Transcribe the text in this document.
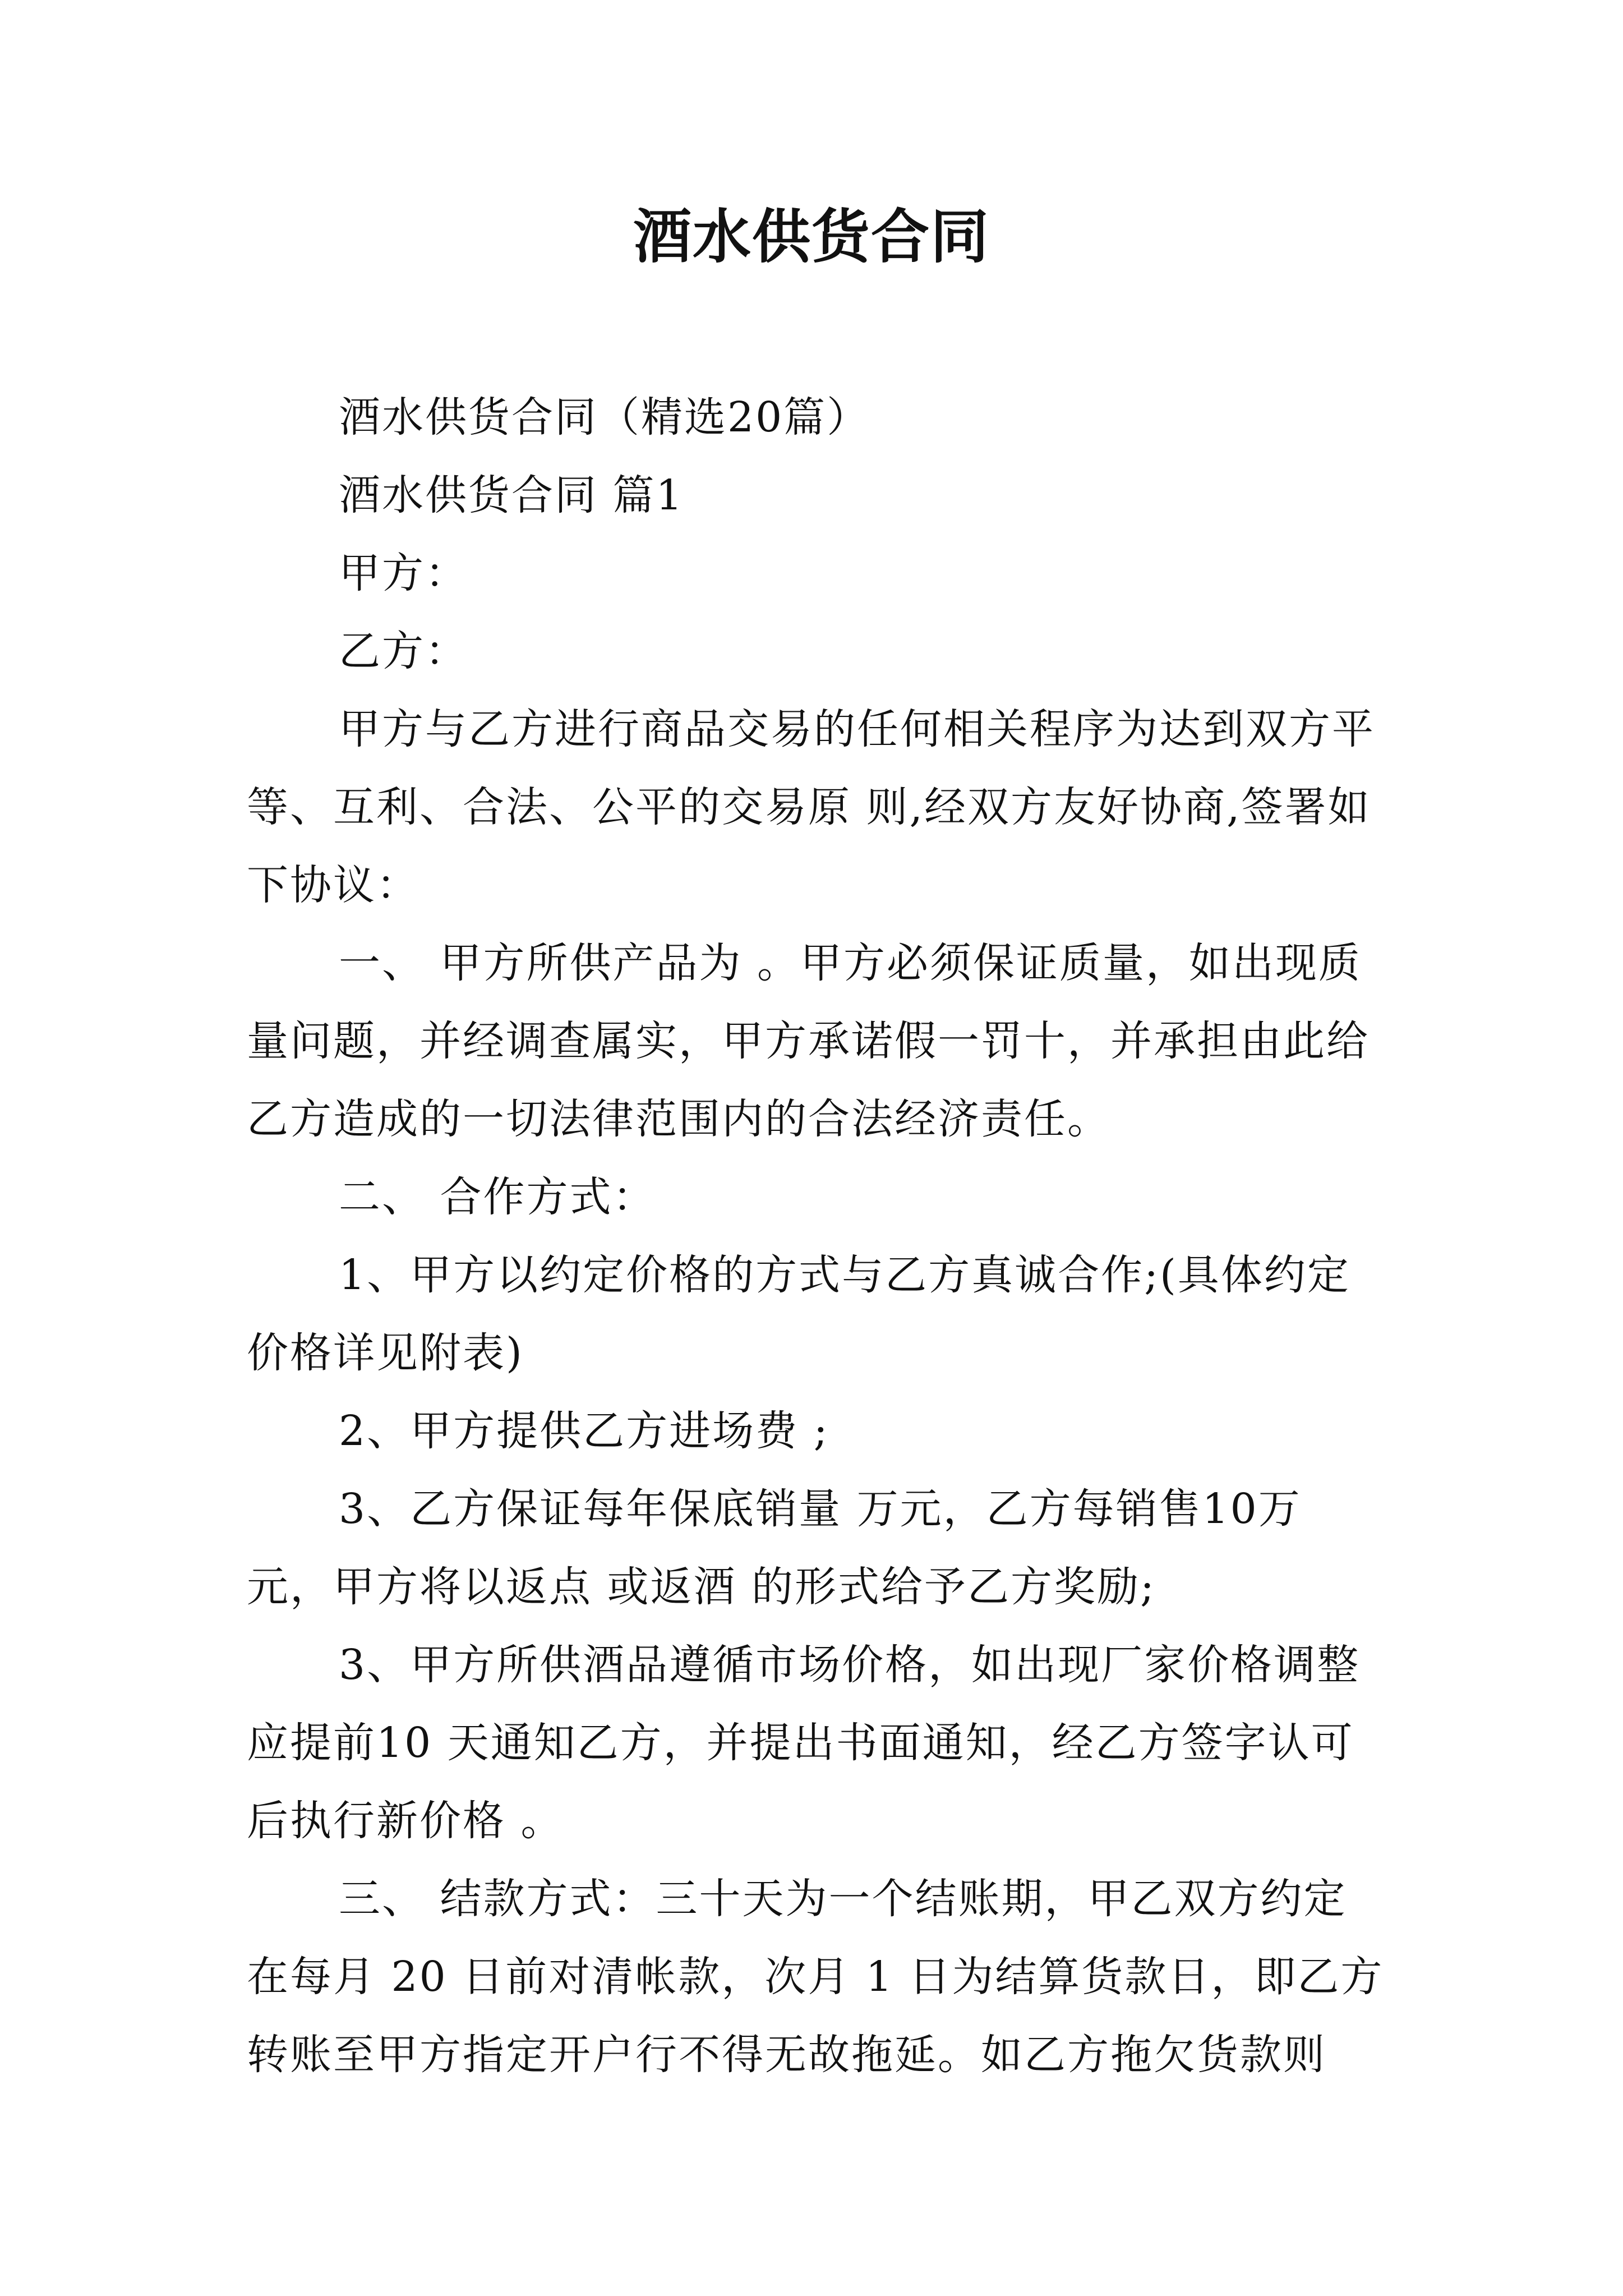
酒水供货合同

酒水供货合同（精选20篇）

酒水供货合同 篇1

甲方：

乙方：

甲方与乙方进行商品交易的任何相关程序为达到双方平等、互利、合法、公平的交易原 则,经双方友好协商,签署如下协议：

一、 甲方所供产品为 。甲方必须保证质量，如出现质量问题，并经调查属实，甲方承诺假一罚十，并承担由此给乙方造成的一切法律范围内的合法经济责任。

二、 合作方式：

1、甲方以约定价格的方式与乙方真诚合作;(具体约定价格详见附表)

2、甲方提供乙方进场费 ;

3、乙方保证每年保底销量 万元，乙方每销售10万元，甲方将以返点 或返酒 的形式给予乙方奖励;

3、甲方所供酒品遵循市场价格，如出现厂家价格调整应提前10 天通知乙方，并提出书面通知，经乙方签字认可后执行新价格 。

三、 结款方式：三十天为一个结账期，甲乙双方约定在每月 20 日前对清帐款，次月 1 日为结算货款日，即乙方转账至甲方指定开户行不得无故拖延。如乙方拖欠货款则
